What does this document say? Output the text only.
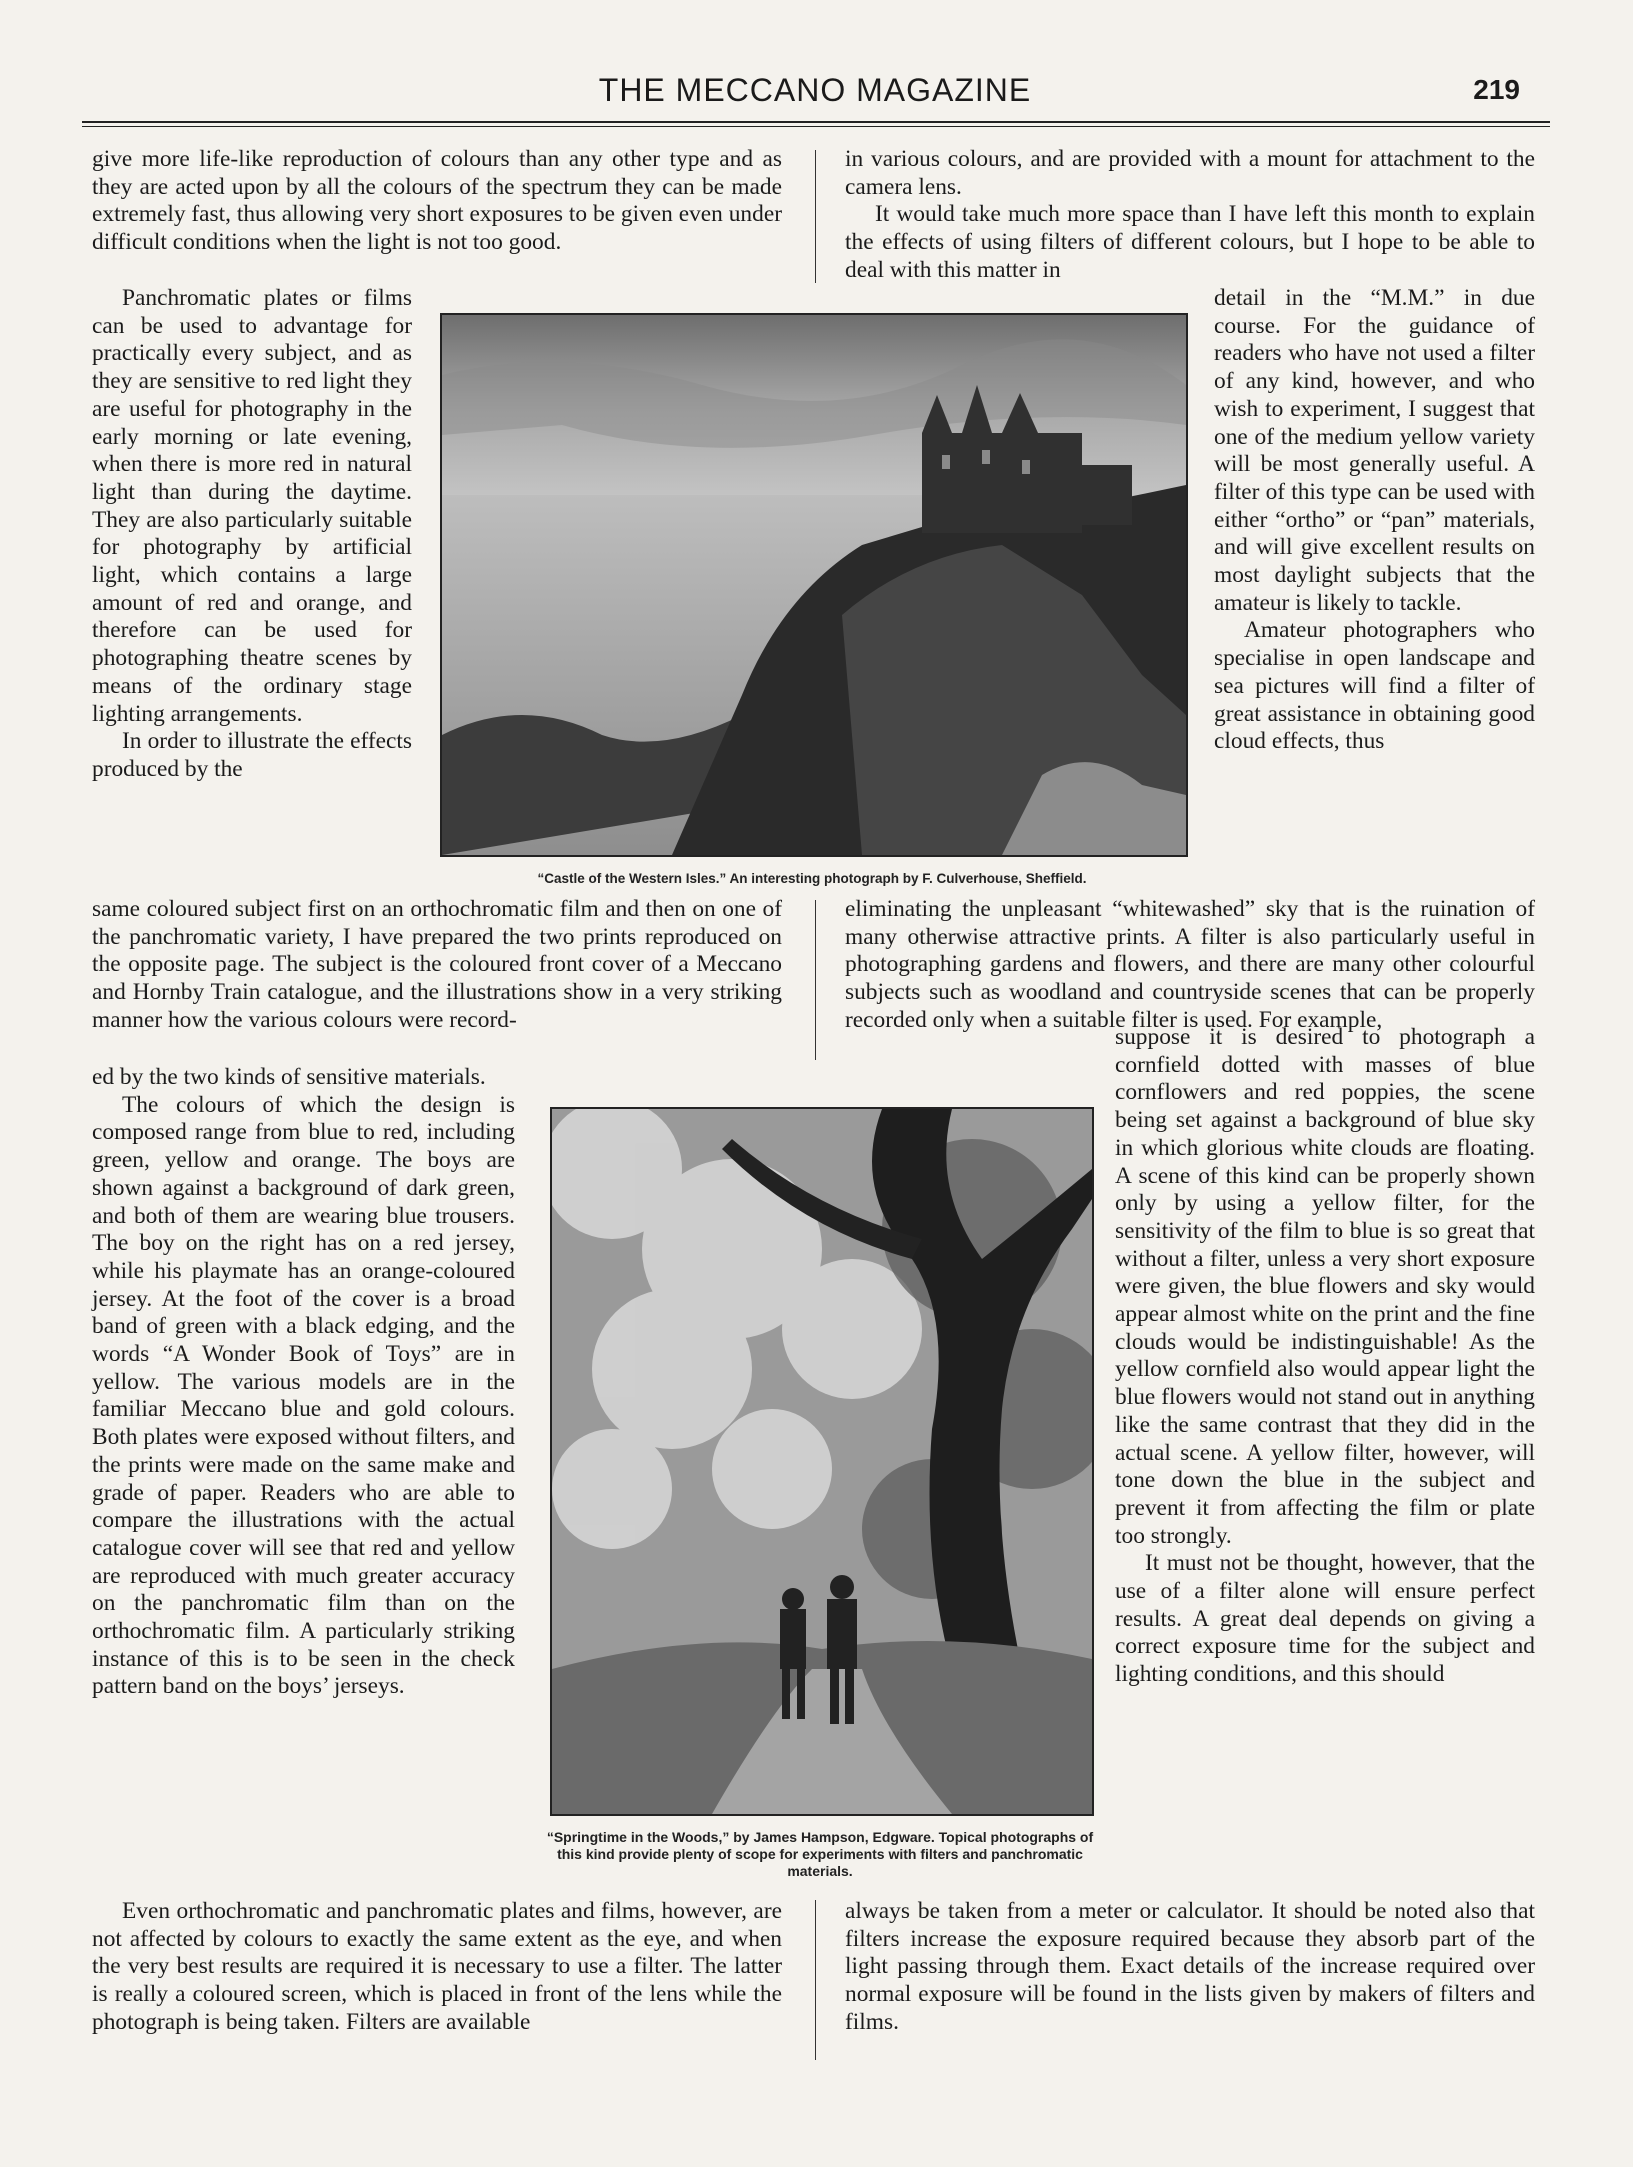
THE MECCANO MAGAZINE	219

give more life-like reproduction of colours than any other type and as they are acted upon by all the colours of the spectrum they can be made extremely fast, thus allowing very short exposures to be given even under difficult conditions when the light is not too good.

in various colours, and are provided with a mount for attachment to the camera lens.

It would take much more space than I have left this month to explain the effects of using filters of different colours, but I hope to be able to deal with this matter in

Panchromatic plates or films can be used to advantage for practically every subject, and as they are sensitive to red light they are useful for photography in the early morning or late evening, when there is more red in natural light than during the daytime. They are also particularly suitable for photography by artificial light, which contains a large amount of red and orange, and therefore can be used for photographing theatre scenes by means of the ordinary stage lighting arrangements.

In order to illustrate the effects produced by the

“Castle of the Western Isles.” An interesting photograph by F. Culverhouse, Sheffield.

detail in the “M.M.” in due course. For the guidance of readers who have not used a filter of any kind, however, and who wish to experiment, I suggest that one of the medium yellow variety will be most generally useful. A filter of this type can be used with either “ortho” or “pan” materials, and will give excellent results on most daylight subjects that the amateur is likely to tackle.

Amateur photographers who specialise in open landscape and sea pictures will find a filter of great assistance in obtaining good cloud effects, thus

same coloured subject first on an orthochromatic film and then on one of the panchromatic variety, I have prepared the two prints reproduced on the opposite page. The subject is the coloured front cover of a Meccano and Hornby Train catalogue, and the illustrations show in a very striking manner how the various colours were record-

eliminating the unpleasant “whitewashed” sky that is the ruination of many otherwise attractive prints. A filter is also particularly useful in photographing gardens and flowers, and there are many other colourful subjects such as woodland and countryside scenes that can be properly recorded only when a suitable filter is used. For example,

ed by the two kinds of sensitive materials.

The colours of which the design is composed range from blue to red, including green, yellow and orange. The boys are shown against a background of dark green, and both of them are wearing blue trousers. The boy on the right has on a red jersey, while his playmate has an orange-coloured jersey. At the foot of the cover is a broad band of green with a black edging, and the words “A Wonder Book of Toys” are in yellow. The various models are in the familiar Meccano blue and gold colours. Both plates were exposed without filters, and the prints were made on the same make and grade of paper. Readers who are able to compare the illustrations with the actual catalogue cover will see that red and yellow are reproduced with much greater accuracy on the panchromatic film than on the orthochromatic film. A particularly striking instance of this is to be seen in the check pattern band on the boys’ jerseys.

“Springtime in the Woods,” by James Hampson, Edgware. Topical photographs of this kind provide plenty of scope for experiments with filters and panchromatic materials.

suppose it is desired to photograph a cornfield dotted with masses of blue cornflowers and red poppies, the scene being set against a background of blue sky in which glorious white clouds are floating. A scene of this kind can be properly shown only by using a yellow filter, for the sensitivity of the film to blue is so great that without a filter, unless a very short exposure were given, the blue flowers and sky would appear almost white on the print and the fine clouds would be indistinguishable! As the yellow cornfield also would appear light the blue flowers would not stand out in anything like the same contrast that they did in the actual scene. A yellow filter, however, will tone down the blue in the subject and prevent it from affecting the film or plate too strongly.

It must not be thought, however, that the use of a filter alone will ensure perfect results. A great deal depends on giving a correct exposure time for the subject and lighting conditions, and this should

Even orthochromatic and panchromatic plates and films, however, are not affected by colours to exactly the same extent as the eye, and when the very best results are required it is necessary to use a filter. The latter is really a coloured screen, which is placed in front of the lens while the photograph is being taken. Filters are available

always be taken from a meter or calculator. It should be noted also that filters increase the exposure required because they absorb part of the light passing through them. Exact details of the increase required over normal exposure will be found in the lists given by makers of filters and films.
